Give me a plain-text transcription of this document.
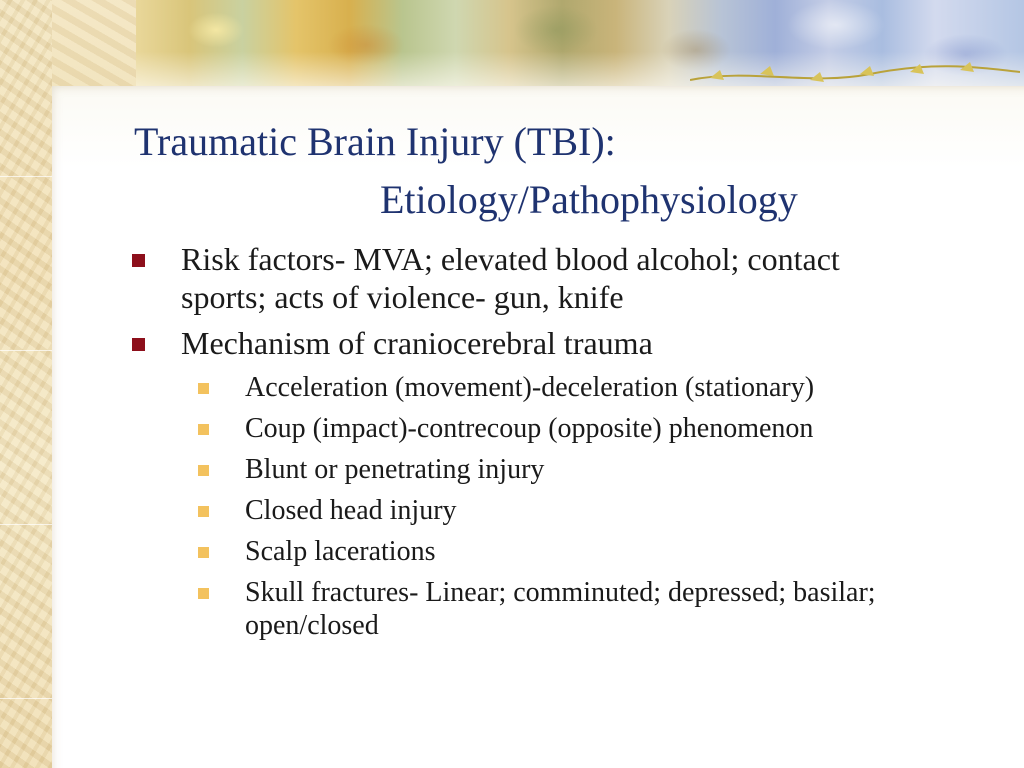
Traumatic Brain Injury (TBI):
Etiology/Pathophysiology
Risk factors- MVA; elevated blood alcohol; contact sports; acts of violence- gun, knife
Mechanism of craniocerebral trauma
Acceleration (movement)-deceleration (stationary)
Coup (impact)-contrecoup (opposite) phenomenon
Blunt or penetrating injury
Closed head injury
Scalp lacerations
Skull fractures- Linear; comminuted; depressed; basilar; open/closed
